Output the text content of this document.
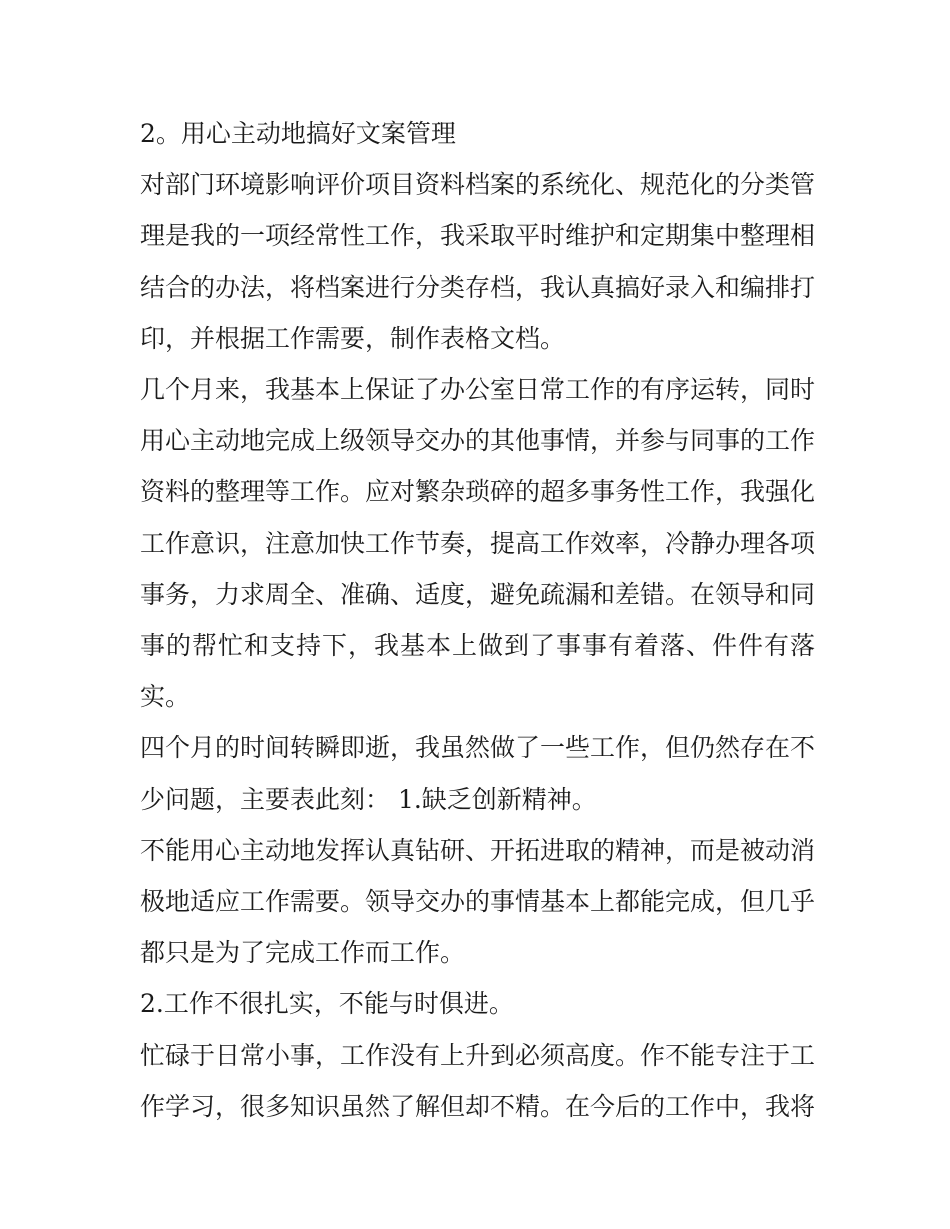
2。用心主动地搞好文案管理

对部门环境影响评价项目资料档案的系统化、规范化的分类管理是我的一项经常性工作，我采取平时维护和定期集中整理相结合的办法，将档案进行分类存档，我认真搞好录入和编排打印，并根据工作需要，制作表格文档。

几个月来，我基本上保证了办公室日常工作的有序运转，同时用心主动地完成上级领导交办的其他事情，并参与同事的工作资料的整理等工作。应对繁杂琐碎的超多事务性工作，我强化工作意识，注意加快工作节奏，提高工作效率，冷静办理各项事务，力求周全、准确、适度，避免疏漏和差错。在领导和同事的帮忙和支持下，我基本上做到了事事有着落、件件有落实。

四个月的时间转瞬即逝，我虽然做了一些工作，但仍然存在不少问题，主要表此刻： 1.缺乏创新精神。

不能用心主动地发挥认真钻研、开拓进取的精神，而是被动消极地适应工作需要。领导交办的事情基本上都能完成，但几乎都只是为了完成工作而工作。

2.工作不很扎实，不能与时俱进。

忙碌于日常小事，工作没有上升到必须高度。作不能专注于工作学习，很多知识虽然了解但却不精。在今后的工作中，我将
